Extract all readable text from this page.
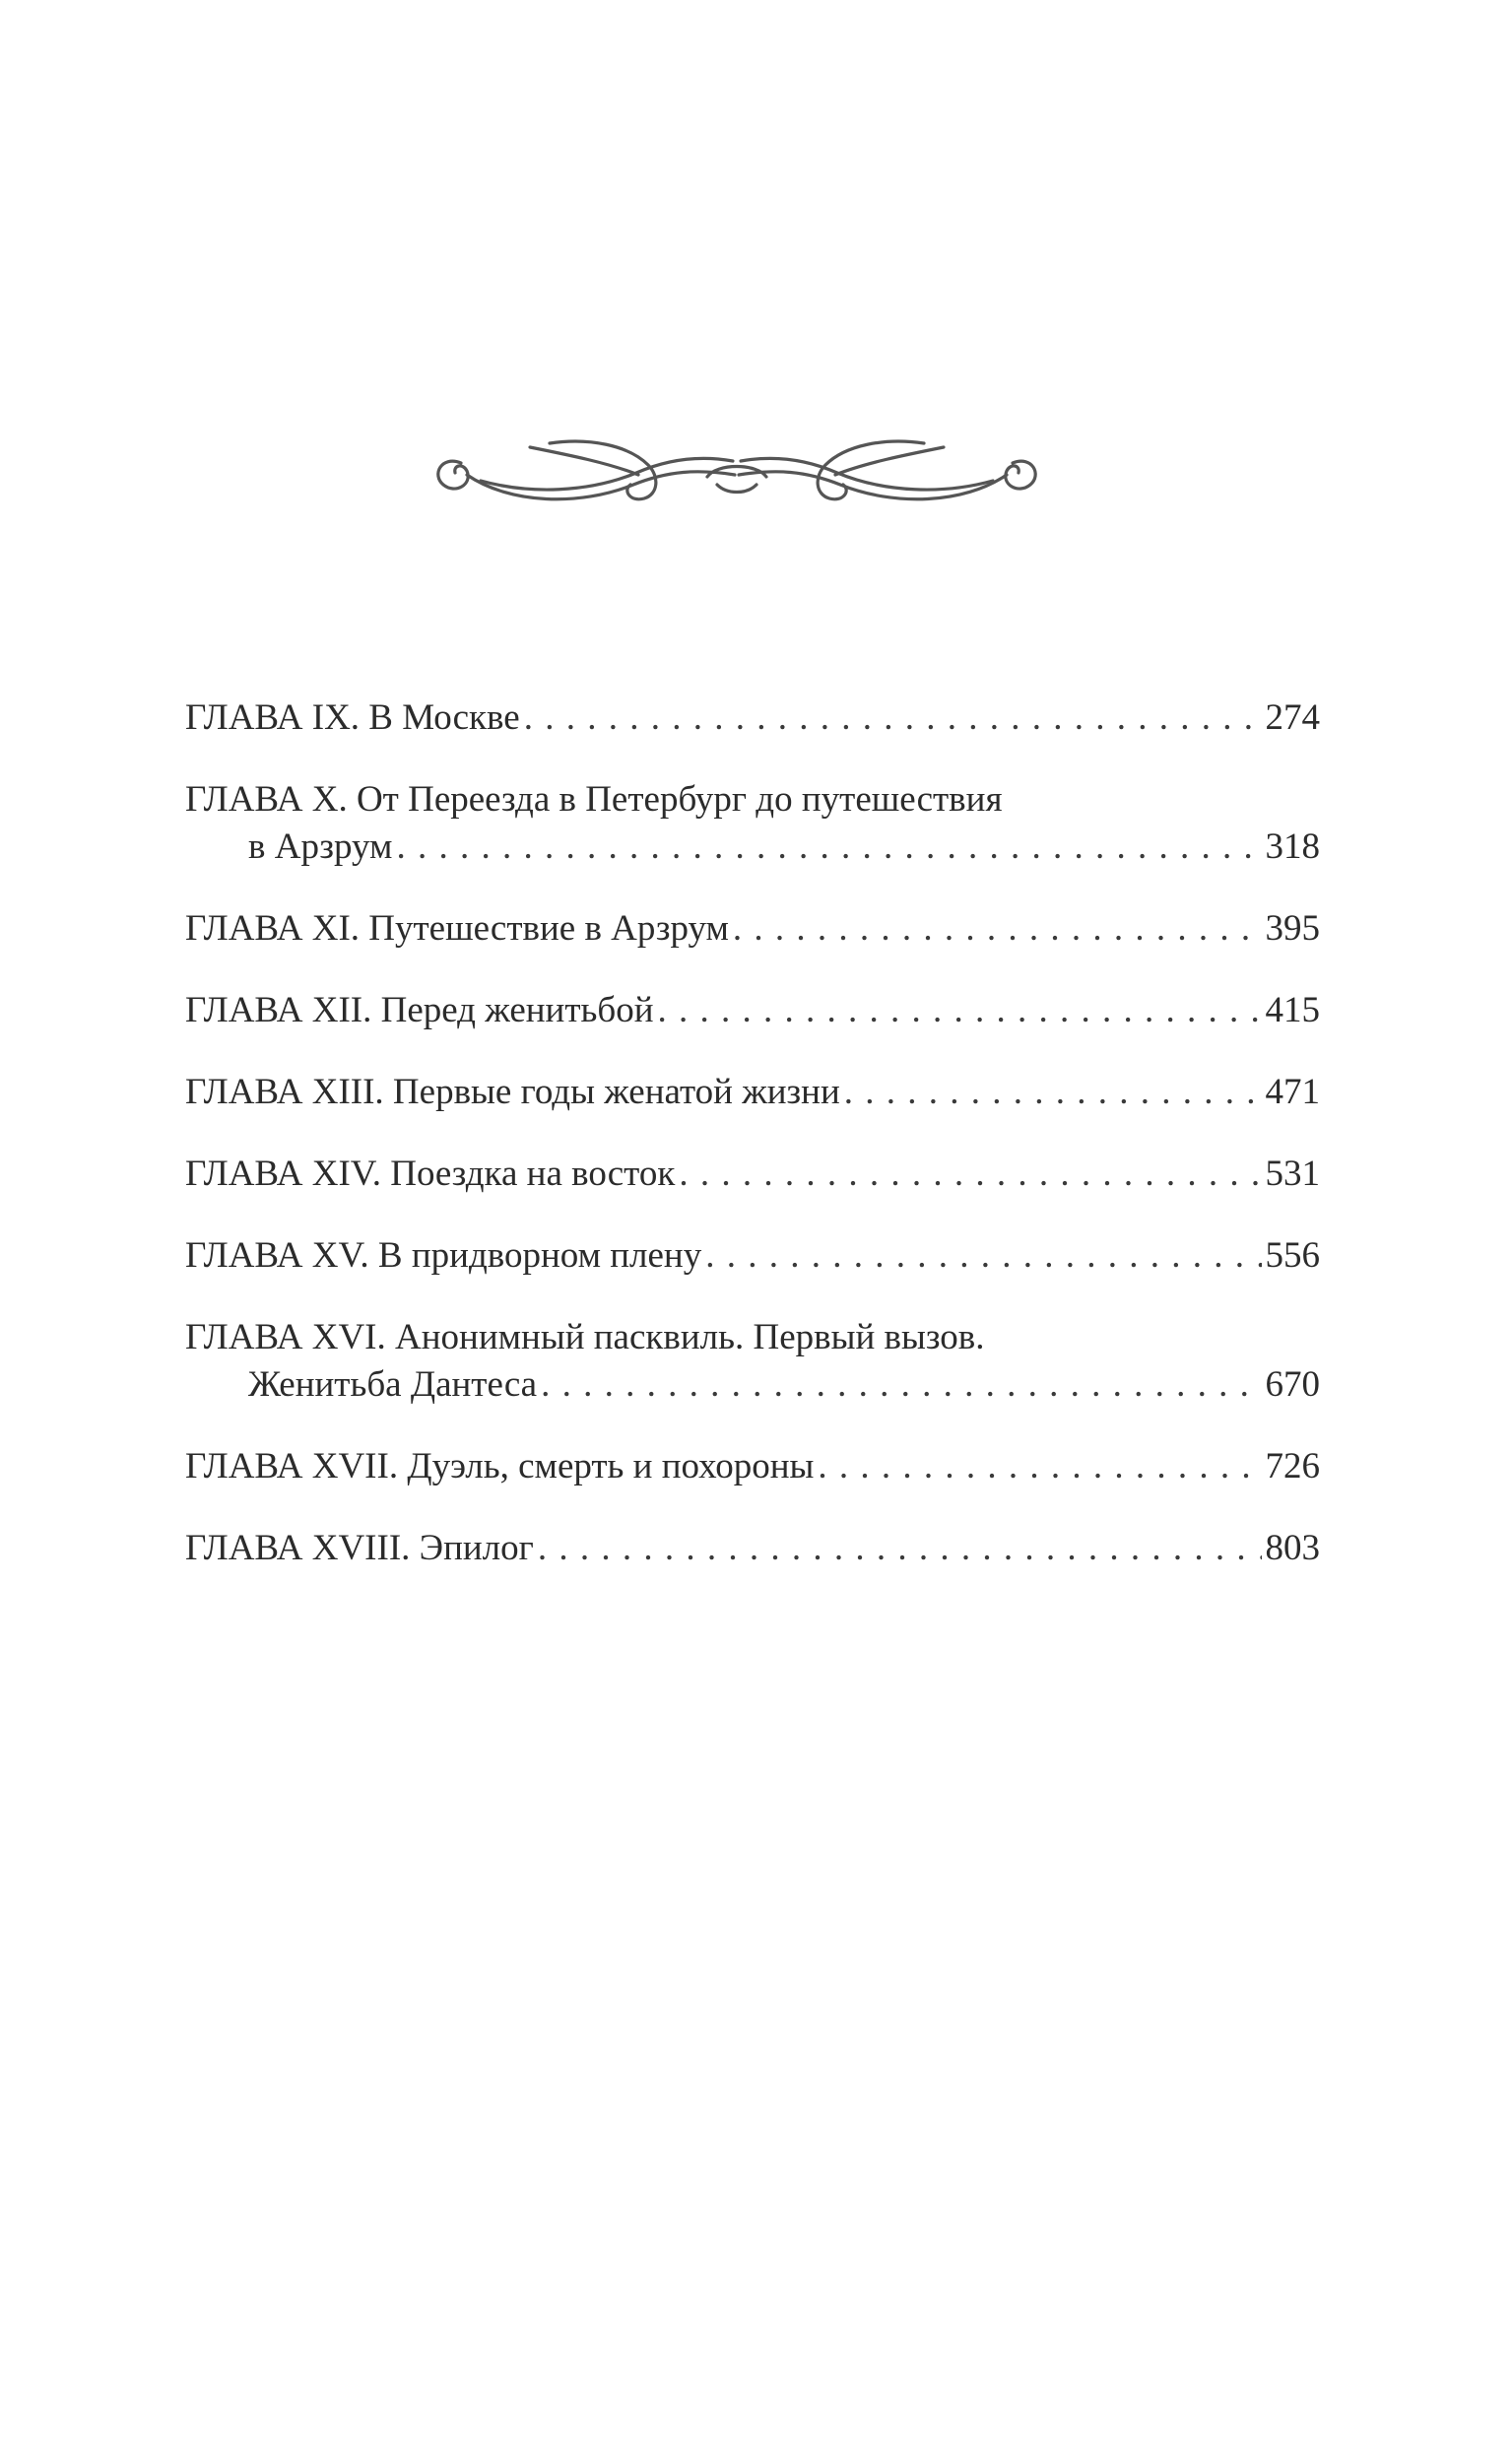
ГЛАВА IX. В Москве . . .	274
ГЛАВА X. От Переезда в Петербург до путешествия
в Арзрум . . .	318
ГЛАВА XI. Путешествие в Арзрум . . .	395
ГЛАВА XII. Перед женитьбой . . .	415
ГЛАВА XIII. Первые годы женатой жизни . . .	471
ГЛАВА XIV. Поездка на восток . . .	531
ГЛАВА XV. В придворном плену . . .	556
ГЛАВА XVI. Анонимный пасквиль. Первый вызов.
Женитьба Дантеса . . .	670
ГЛАВА XVII. Дуэль, смерть и похороны . . .	726
ГЛАВА XVIII. Эпилог . . .	803
